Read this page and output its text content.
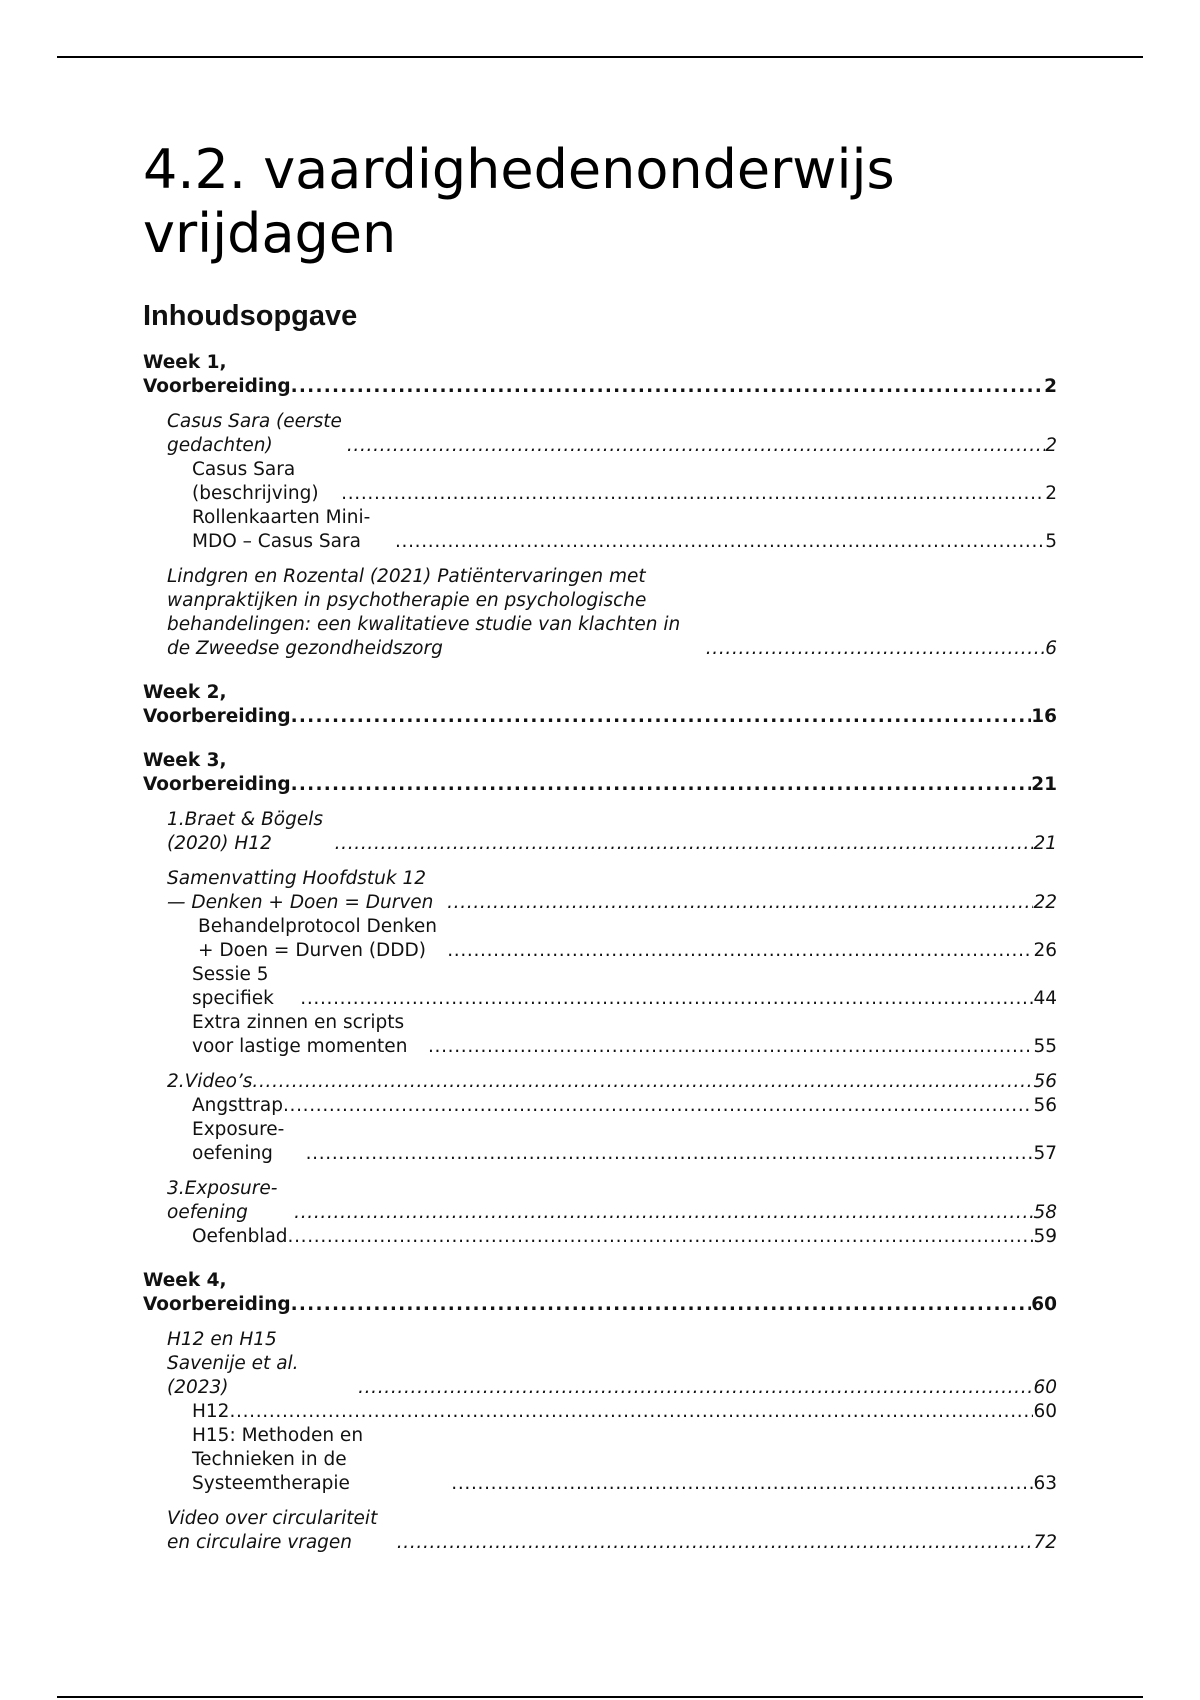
4.2. vaardighedenonderwijs vrijdagen
Inhoudsopgave
Week 1, Voorbereiding . . .	2
Casus Sara (eerste gedachten) . . .	2
Casus Sara (beschrijving) . . .	2
Rollenkaarten Mini-MDO – Casus Sara . . .	5
Lindgren en Rozental (2021) Patiëntervaringen met wanpraktijken in psychotherapie en psychologische behandelingen: een kwalitatieve studie van klachten in de Zweedse gezondheidszorg . . .	6
Week 2, Voorbereiding . . .	16
Week 3, Voorbereiding . . .	21
1.Braet & Bögels (2020) H12 . . .	21
Samenvatting Hoofdstuk 12 — Denken + Doen = Durven . . .	22
Behandelprotocol Denken + Doen = Durven (DDD) . . .	26
Sessie 5 specifiek . . .	44
Extra zinnen en scripts voor lastige momenten . . .	55
2.Video’s . . .	56
Angsttrap . . .	56
Exposure-oefening . . .	57
3.Exposure-oefening . . .	58
Oefenblad . . .	59
Week 4, Voorbereiding . . .	60
H12 en H15 Savenije et al. (2023) . . .	60
H12 . . .	60
H15: Methoden en Technieken in de Systeemtherapie . . .	63
Video over circulariteit en circulaire vragen . . .	72
